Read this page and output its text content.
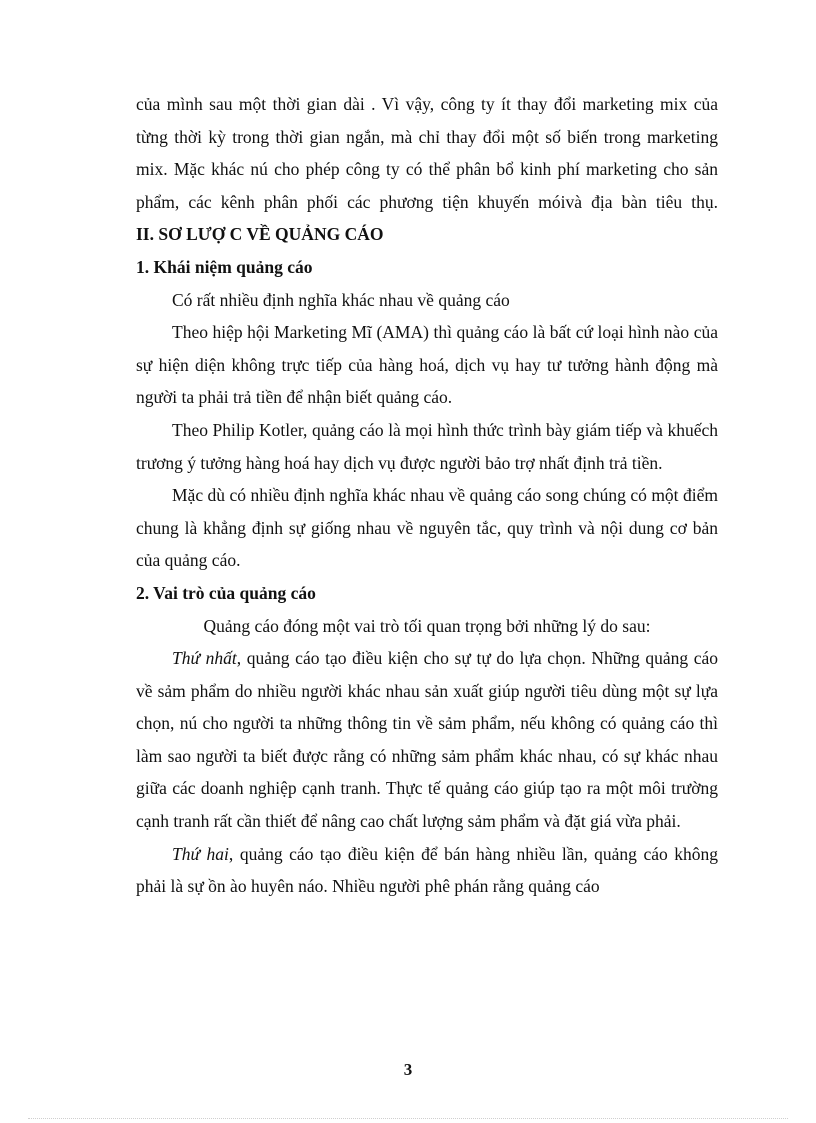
của mình sau một thời gian dài . Vì vậy, công ty ít thay đổi marketing mix của từng thời kỳ trong thời gian ngắn, mà chỉ thay đổi một số biến trong marketing mix. Mặc khác nú cho phép công ty có thể phân bổ kinh phí marketing cho sản phẩm, các kênh phân phối các phương tiện khuyến móivà địa bàn tiêu thụ.

II. SƠ LƯỢ C VỀ QUẢNG CÁO

1. Khái niệm quảng cáo

Có rất nhiều định nghĩa khác nhau về quảng cáo

Theo hiệp hội Marketing Mĩ (AMA) thì quảng cáo là bất cứ loại hình nào của sự hiện diện không trực tiếp của hàng hoá, dịch vụ hay tư tưởng hành động mà người ta phải trả tiền để nhận biết quảng cáo.

Theo Philip Kotler, quảng cáo là mọi hình thức trình bày giám tiếp và khuếch trương ý tưởng hàng hoá hay dịch vụ được người bảo trợ nhất định trả tiền.

Mặc dù có nhiều định nghĩa khác nhau về quảng cáo song chúng có một điểm chung là khẳng định sự giống nhau về nguyên tắc, quy trình và nội dung cơ bản của quảng cáo.

2. Vai trò của quảng cáo

Quảng cáo đóng một vai trò tối quan trọng bởi những lý do sau:

Thứ nhất, quảng cáo tạo điều kiện cho sự tự do lựa chọn. Những quảng cáo về sảm phẩm do nhiều người khác nhau sản xuất giúp người tiêu dùng một sự lựa chọn, nú cho người ta những thông tin về sảm phẩm, nếu không có quảng cáo thì làm sao người ta biết được rằng có những sảm phẩm khác nhau, có sự khác nhau giữa các doanh nghiệp cạnh tranh. Thực tế quảng cáo giúp tạo ra một môi trường cạnh tranh rất cần thiết để nâng cao chất lượng sảm phẩm và đặt giá vừa phải.

Thứ hai, quảng cáo tạo điều kiện để bán hàng nhiều lần, quảng cáo không phải là sự ồn ào huyên náo. Nhiều người phê phán rằng quảng cáo

3
